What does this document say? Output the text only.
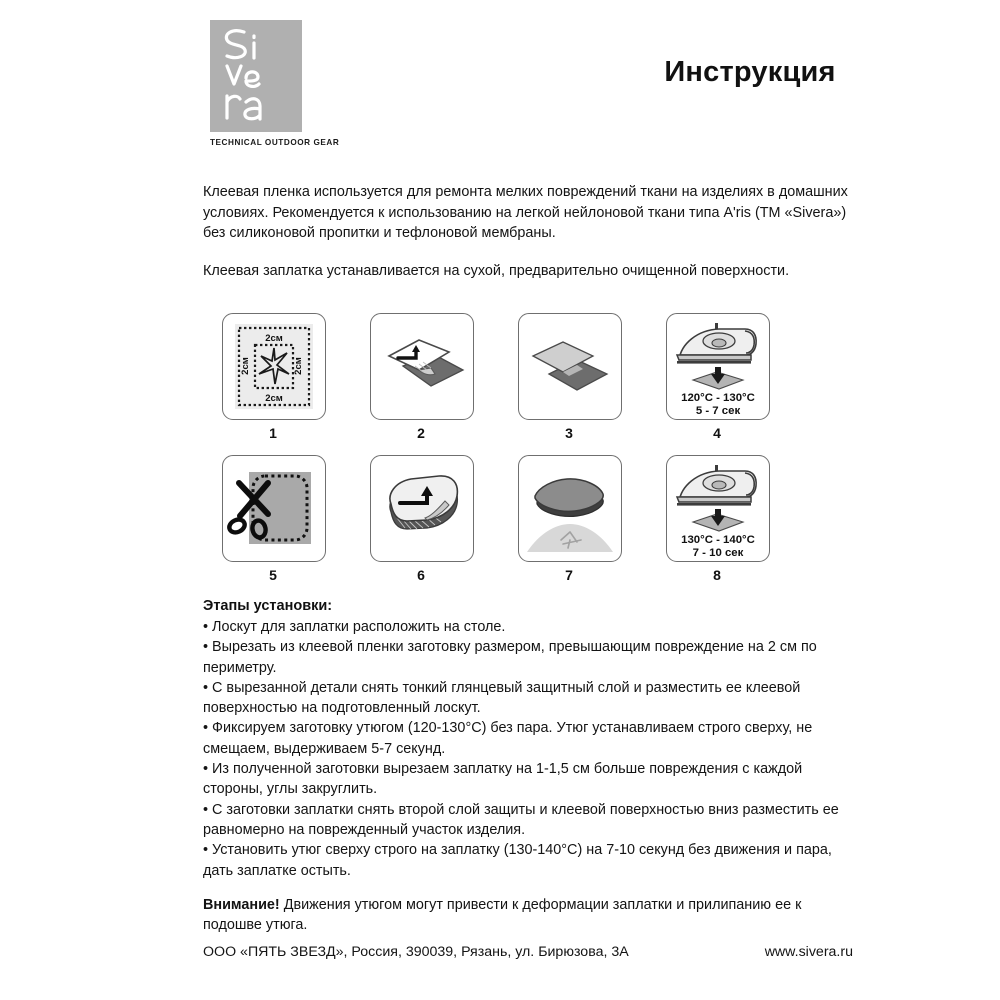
TECHNICAL OUTDOOR GEAR
Инструкция

Клеевая пленка используется для ремонта мелких повреждений ткани на изделиях в домашних условиях. Рекомендуется к использованию на легкой нейлоновой ткани типа A'ris (ТМ «Sivera») без силиконовой пропитки и тефлоновой мембраны.

Клеевая заплатка устанавливается на сухой, предварительно очищенной поверхности.

2см
2см
2см	2см
1	2	3
120°C - 130°C
5 - 7 сек
4
5	6	7
130°C - 140°C
7 - 10 сек
8

Этапы установки:

• Лоскут для заплатки расположить на столе.

• Вырезать из клеевой пленки заготовку размером, превышающим повреждение на 2 см по периметру.

• С вырезанной детали снять тонкий глянцевый защитный слой и разместить ее клеевой поверхностью на подготовленный лоскут.

• Фиксируем заготовку утюгом (120-130°С) без пара. Утюг устанавливаем строго сверху, не смещаем, выдерживаем 5-7 секунд.

• Из полученной заготовки вырезаем заплатку на 1-1,5 см больше повреждения с каждой стороны, углы закруглить.

• С заготовки заплатки снять второй слой защиты и клеевой поверхностью вниз разместить ее равномерно на поврежденный участок изделия.

• Установить утюг сверху строго на заплатку (130-140°С) на 7-10 секунд без движения и пара, дать заплатке остыть.

Внимание! Движения утюгом могут привести к деформации заплатки и прилипанию ее к подошве утюга.

ООО «ПЯТЬ ЗВЕЗД», Россия, 390039, Рязань, ул. Бирюзова, 3А	www.sivera.ru
